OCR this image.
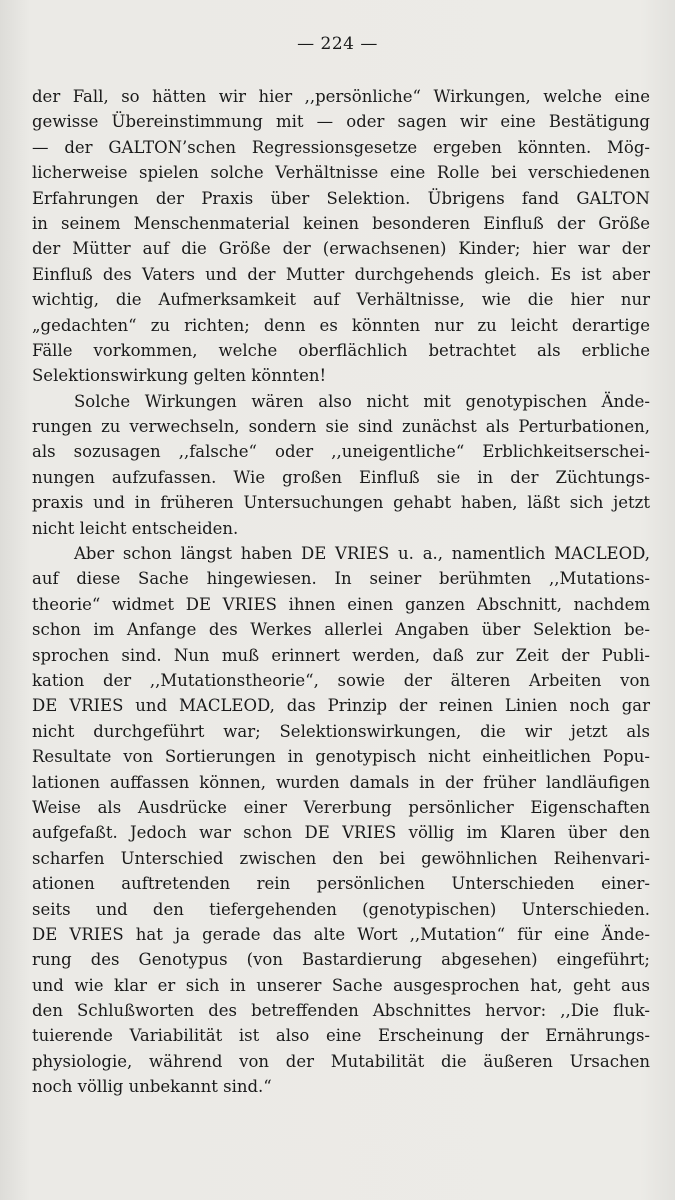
— 224 —
der Fall, so hätten wir hier ,,persönliche“ Wirkungen, welche eine
gewisse Übereinstimmung mit — oder sagen wir eine Bestätigung
— der GALTON’schen Regressionsgesetze ergeben könnten. Mög-
licherweise spielen solche Verhältnisse eine Rolle bei verschiedenen
Erfahrungen der Praxis über Selektion. Übrigens fand GALTON
in seinem Menschenmaterial keinen besonderen Einfluß der Größe
der Mütter auf die Größe der (erwachsenen) Kinder; hier war der
Einfluß des Vaters und der Mutter durchgehends gleich. Es ist aber
wichtig, die Aufmerksamkeit auf Verhältnisse, wie die hier nur
„gedachten“ zu richten; denn es könnten nur zu leicht derartige
Fälle vorkommen, welche oberflächlich betrachtet als erbliche
Selektionswirkung gelten könnten!
Solche Wirkungen wären also nicht mit genotypischen Ände-
rungen zu verwechseln, sondern sie sind zunächst als Perturbationen,
als sozusagen ,,falsche“ oder ,,uneigentliche“ Erblichkeitserschei-
nungen aufzufassen. Wie großen Einfluß sie in der Züchtungs-
praxis und in früheren Untersuchungen gehabt haben, läßt sich jetzt
nicht leicht entscheiden.
Aber schon längst haben DE VRIES u. a., namentlich MACLEOD,
auf diese Sache hingewiesen. In seiner berühmten ,,Mutations-
theorie“ widmet DE VRIES ihnen einen ganzen Abschnitt, nachdem
schon im Anfange des Werkes allerlei Angaben über Selektion be-
sprochen sind. Nun muß erinnert werden, daß zur Zeit der Publi-
kation der ,,Mutationstheorie“, sowie der älteren Arbeiten von
DE VRIES und MACLEOD, das Prinzip der reinen Linien noch gar
nicht durchgeführt war; Selektionswirkungen, die wir jetzt als
Resultate von Sortierungen in genotypisch nicht einheitlichen Popu-
lationen auffassen können, wurden damals in der früher landläufigen
Weise als Ausdrücke einer Vererbung persönlicher Eigenschaften
aufgefaßt. Jedoch war schon DE VRIES völlig im Klaren über den
scharfen Unterschied zwischen den bei gewöhnlichen Reihenvari-
ationen auftretenden rein persönlichen Unterschieden einer-
seits und den tiefergehenden (genotypischen) Unterschieden.
DE VRIES hat ja gerade das alte Wort ,,Mutation“ für eine Ände-
rung des Genotypus (von Bastardierung abgesehen) eingeführt;
und wie klar er sich in unserer Sache ausgesprochen hat, geht aus
den Schlußworten des betreffenden Abschnittes hervor: ,,Die fluk-
tuierende Variabilität ist also eine Erscheinung der Ernährungs-
physiologie, während von der Mutabilität die äußeren Ursachen
noch völlig unbekannt sind.“
